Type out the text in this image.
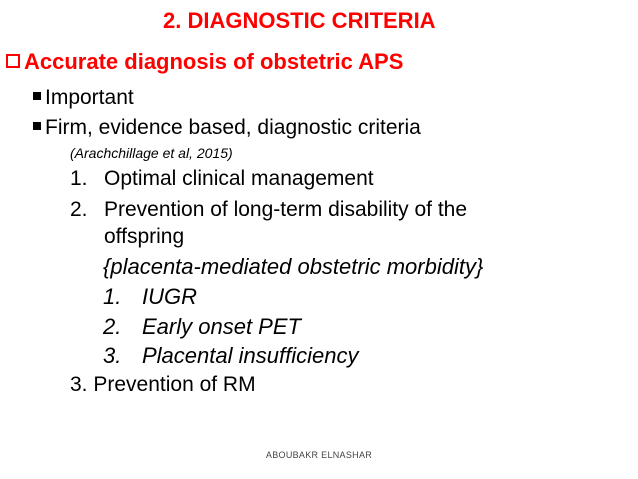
2. DIAGNOSTIC CRITERIA
Accurate diagnosis of obstetric APS
Important
Firm, evidence based, diagnostic criteria
(Arachchillage et al, 2015)
1. Optimal clinical management
2. Prevention of long-term disability of the
offspring
{placenta-mediated obstetric morbidity}
1. IUGR
2. Early onset PET
3. Placental insufficiency
3. Prevention of RM
ABOUBAKR ELNASHAR
